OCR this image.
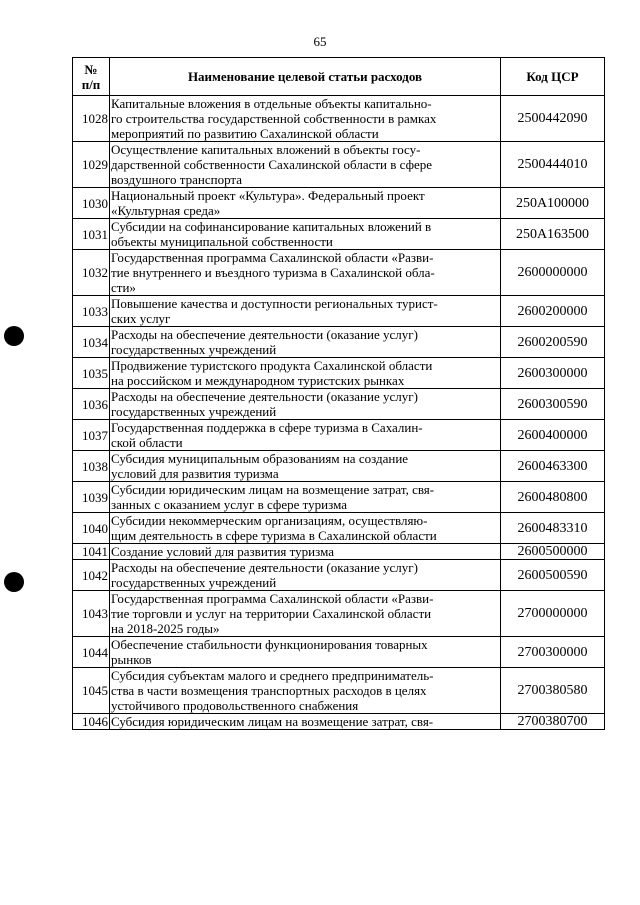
65
№
п/п	Наименование целевой статьи расходов	Код ЦСР
1028	Капитальные вложения в отдельные объекты капитально-
го строительства государственной собственности в рамках
мероприятий по развитию Сахалинской области	2500442090
1029	Осуществление капитальных вложений в объекты госу-
дарственной собственности Сахалинской области в сфере
воздушного транспорта	2500444010
1030	Национальный проект «Культура». Федеральный проект
«Культурная среда»	250A100000
1031	Субсидии на софинансирование капитальных вложений в
объекты муниципальной собственности	250A163500
1032	Государственная программа Сахалинской области «Разви-
тие внутреннего и въездного туризма в Сахалинской обла-
сти»	2600000000
1033	Повышение качества и доступности региональных турист-
ских услуг	2600200000
1034	Расходы на обеспечение деятельности (оказание услуг)
государственных учреждений	2600200590
1035	Продвижение туристского продукта Сахалинской области
на российском и международном туристских рынках	2600300000
1036	Расходы на обеспечение деятельности (оказание услуг)
государственных учреждений	2600300590
1037	Государственная поддержка в сфере туризма в Сахалин-
ской области	2600400000
1038	Субсидия муниципальным образованиям на создание
условий для развития туризма	2600463300
1039	Субсидии юридическим лицам на возмещение затрат, свя-
занных с оказанием услуг в сфере туризма	2600480800
1040	Субсидии некоммерческим организациям, осуществляю-
щим деятельность в сфере туризма в Сахалинской области	2600483310
1041	Создание условий для развития туризма	2600500000
1042	Расходы на обеспечение деятельности (оказание услуг)
государственных учреждений	2600500590
1043	Государственная программа Сахалинской области «Разви-
тие торговли и услуг на территории Сахалинской области
на 2018-2025 годы»	2700000000
1044	Обеспечение стабильности функционирования товарных
рынков	2700300000
1045	Субсидия субъектам малого и среднего предприниматель-
ства в части возмещения транспортных расходов в целях
устойчивого продовольственного снабжения	2700380580
1046	Субсидия юридическим лицам на возмещение затрат, свя-	2700380700
